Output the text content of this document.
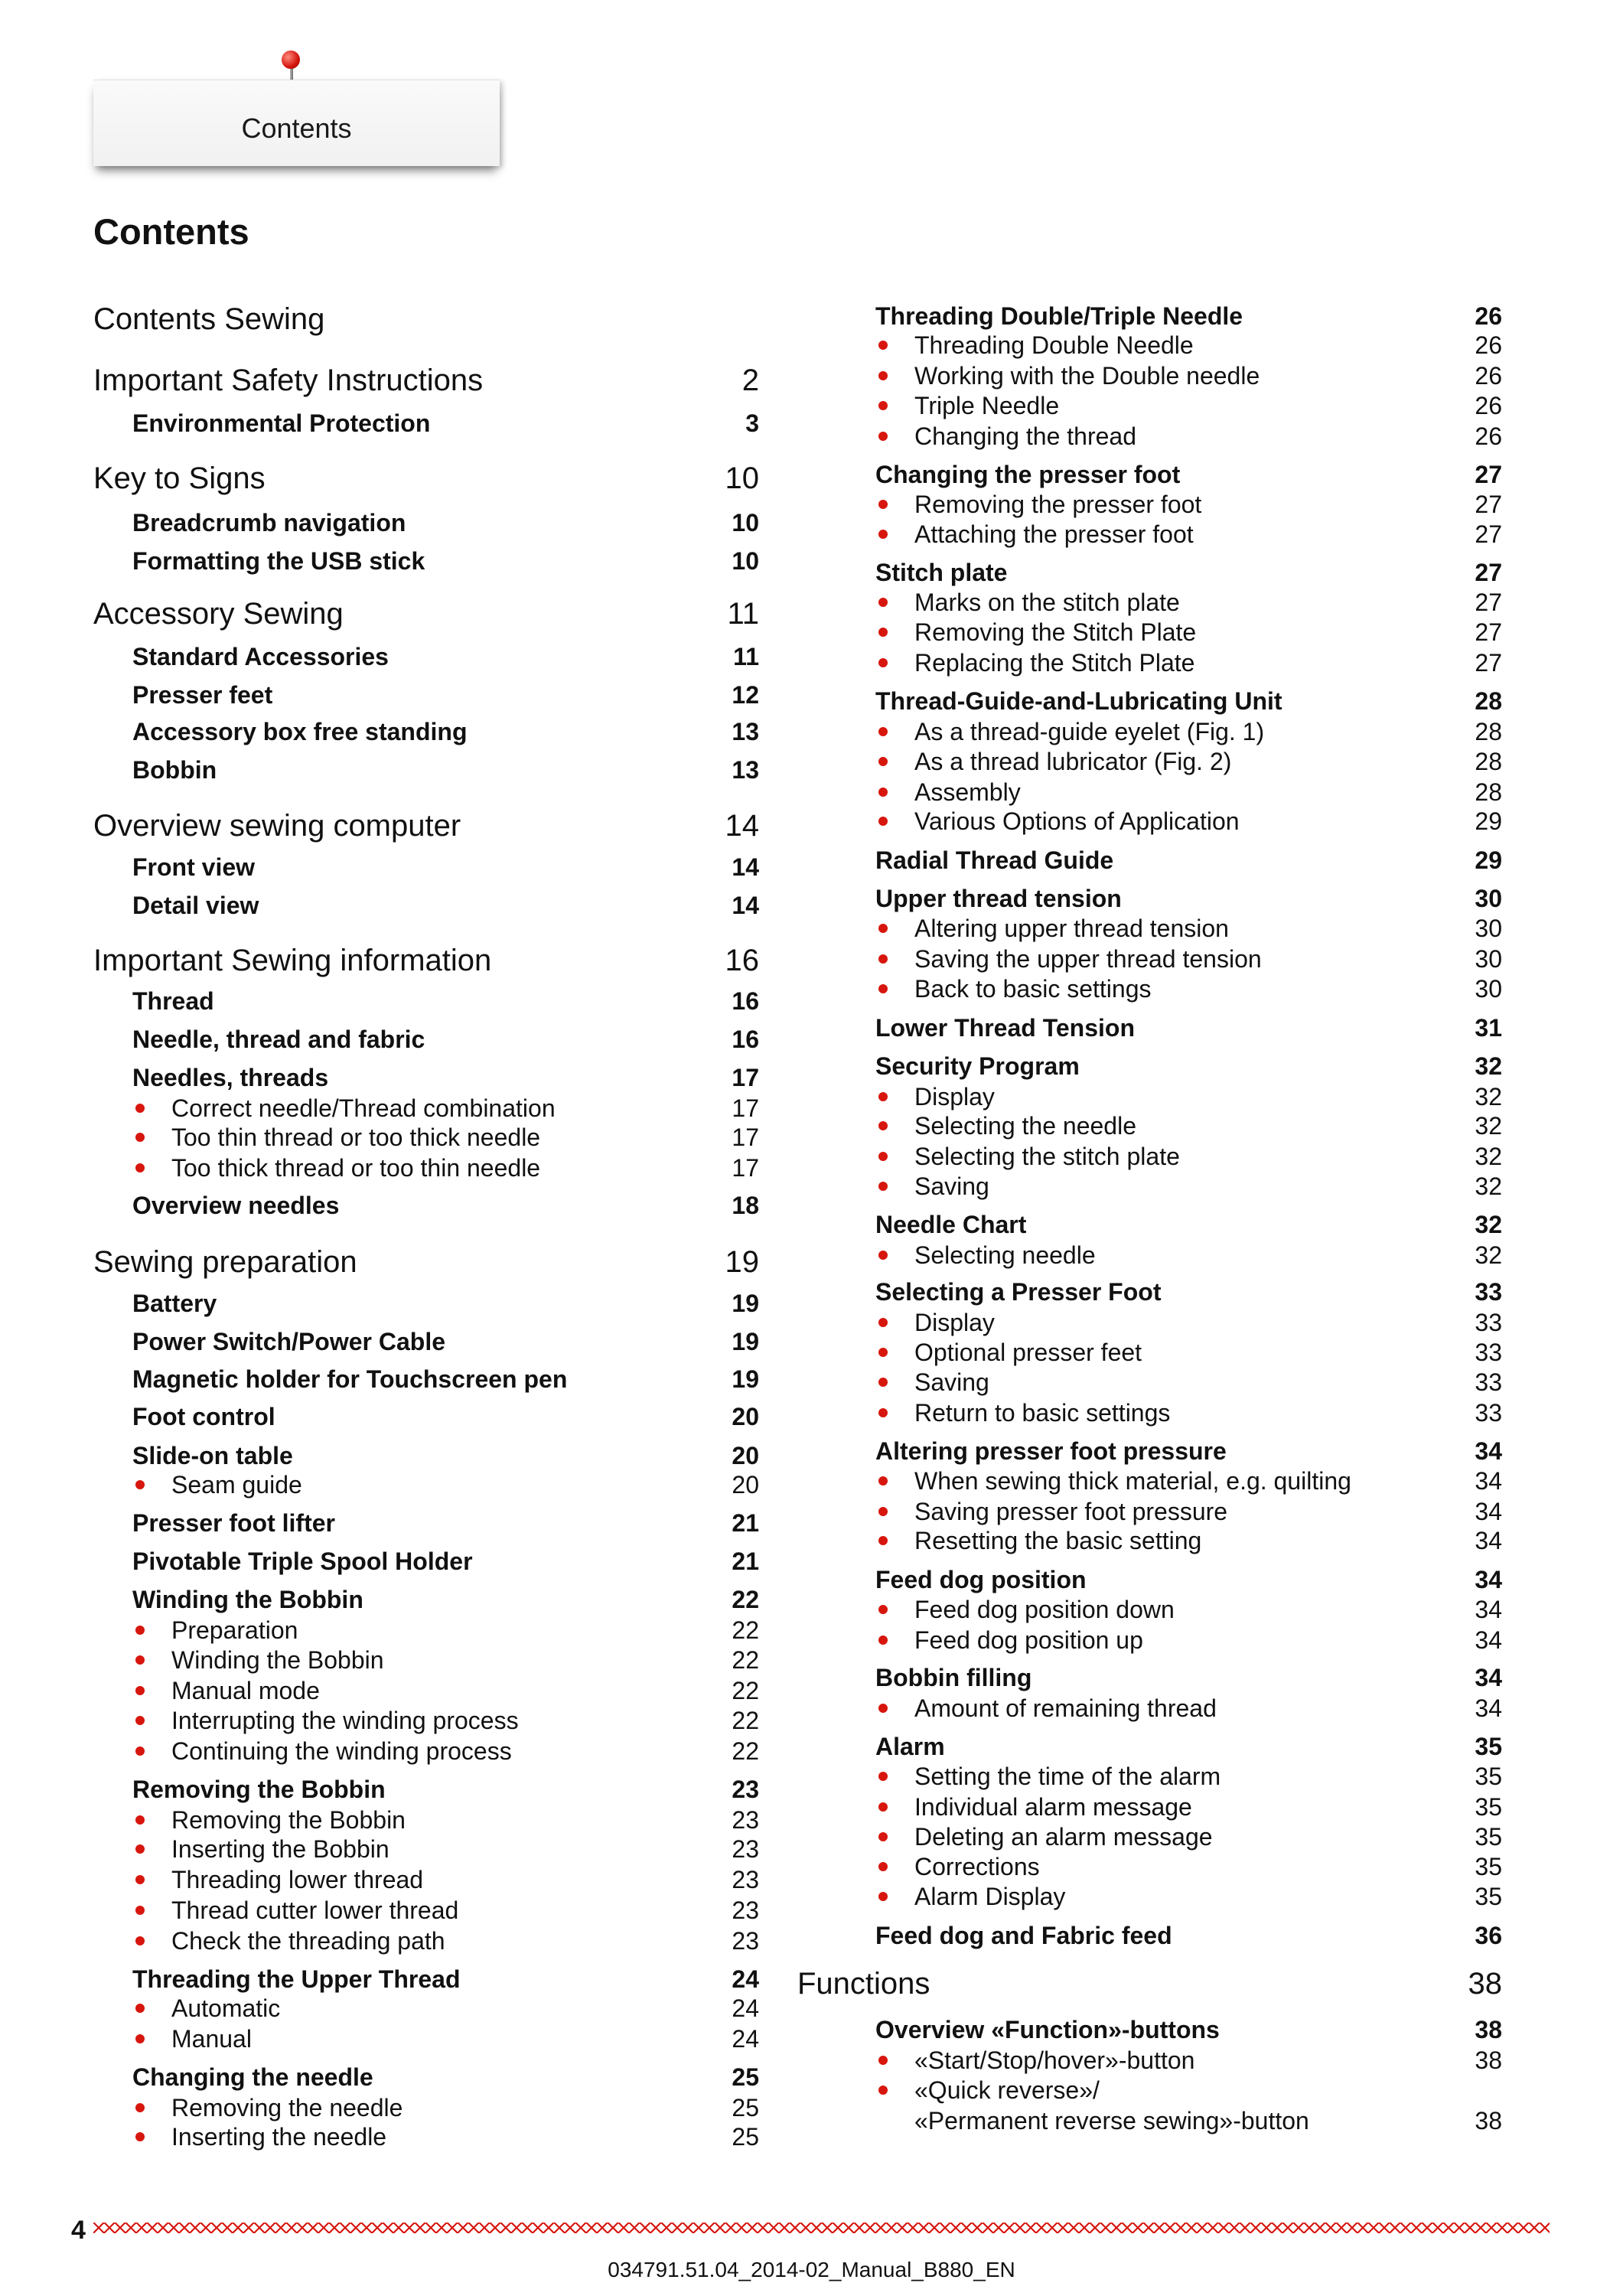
Contents
Contents
Contents Sewing
Important Safety Instructions	2
Environmental Protection	3
Key to Signs	10
Breadcrumb navigation	10
Formatting the USB stick	10
Accessory Sewing	11
Standard Accessories	11
Presser feet	12
Accessory box free standing	13
Bobbin	13
Overview sewing computer	14
Front view	14
Detail view	14
Important Sewing information	16
Thread	16
Needle, thread and fabric	16
Needles, threads	17
Correct needle/Thread combination	17
Too thin thread or too thick needle	17
Too thick thread or too thin needle	17
Overview needles	18
Sewing preparation	19
Battery	19
Power Switch/Power Cable	19
Magnetic holder for Touchscreen pen	19
Foot control	20
Slide-on table	20
Seam guide	20
Presser foot lifter	21
Pivotable Triple Spool Holder	21
Winding the Bobbin	22
Preparation	22
Winding the Bobbin	22
Manual mode	22
Interrupting the winding process	22
Continuing the winding process	22
Removing the Bobbin	23
Removing the Bobbin	23
Inserting the Bobbin	23
Threading lower thread	23
Thread cutter lower thread	23
Check the threading path	23
Threading the Upper Thread	24
Automatic	24
Manual	24
Changing the needle	25
Removing the needle	25
Inserting the needle	25
Threading Double/Triple Needle	26
Threading Double Needle	26
Working with the Double needle	26
Triple Needle	26
Changing the thread	26
Changing the presser foot	27
Removing the presser foot	27
Attaching the presser foot	27
Stitch plate	27
Marks on the stitch plate	27
Removing the Stitch Plate	27
Replacing the Stitch Plate	27
Thread-Guide-and-Lubricating Unit	28
As a thread-guide eyelet (Fig. 1)	28
As a thread lubricator (Fig. 2)	28
Assembly	28
Various Options of Application	29
Radial Thread Guide	29
Upper thread tension	30
Altering upper thread tension	30
Saving the upper thread tension	30
Back to basic settings	30
Lower Thread Tension	31
Security Program	32
Display	32
Selecting the needle	32
Selecting the stitch plate	32
Saving	32
Needle Chart	32
Selecting needle	32
Selecting a Presser Foot	33
Display	33
Optional presser feet	33
Saving	33
Return to basic settings	33
Altering presser foot pressure	34
When sewing thick material, e.g. quilting	34
Saving presser foot pressure	34
Resetting the basic setting	34
Feed dog position	34
Feed dog position down	34
Feed dog position up	34
Bobbin filling	34
Amount of remaining thread	34
Alarm	35
Setting the time of the alarm	35
Individual alarm message	35
Deleting an alarm message	35
Corrections	35
Alarm Display	35
Feed dog and Fabric feed	36
Functions	38
Overview «Function»-buttons	38
«Start/Stop/hover»-button	38
«Quick reverse»/
«Permanent reverse sewing»-button	38
4
034791.51.04_2014-02_Manual_B880_EN
